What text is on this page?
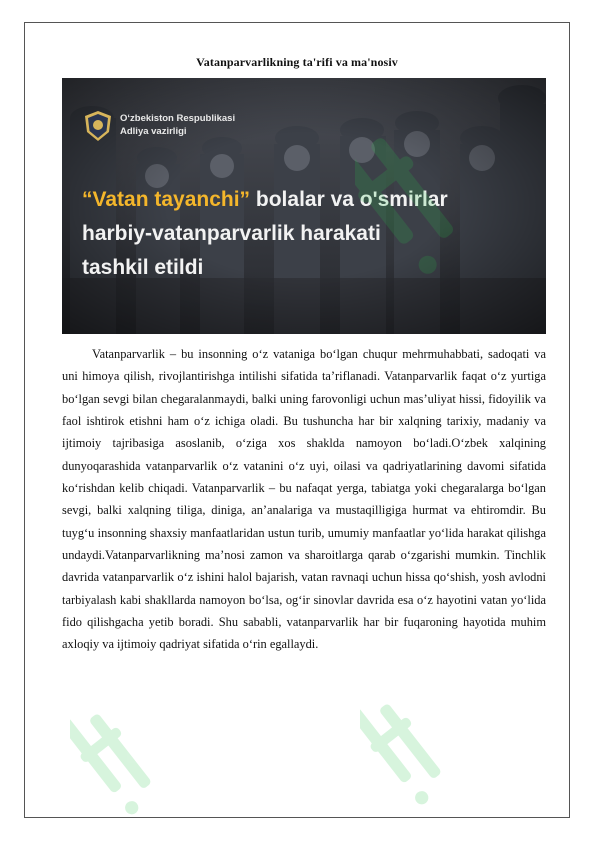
Vatanparvarlikning ta'rifi va ma'nosiv
O‘zbekiston Respublikasi
Adliya vazirligi
“Vatan tayanchi” bolalar va o'smirlar
harbiy-vatanparvarlik harakati
tashkil etildi
Vatanparvarlik – bu insonning o‘z vataniga bo‘lgan chuqur mehrmuhabbati, sadoqati va uni himoya qilish, rivojlantirishga intilishi sifatida ta’riflanadi. Vatanparvarlik faqat o‘z yurtiga bo‘lgan sevgi bilan chegaralanmaydi, balki uning farovonligi uchun mas’uliyat hissi, fidoyilik va faol ishtirok etishni ham o‘z ichiga oladi. Bu tushuncha har bir xalqning tarixiy, madaniy va ijtimoiy tajribasiga asoslanib, o‘ziga xos shaklda namoyon bo‘ladi.O‘zbek xalqining dunyoqarashida vatanparvarlik o‘z vatanini o‘z uyi, oilasi va qadriyatlarining davomi sifatida ko‘rishdan kelib chiqadi. Vatanparvarlik – bu nafaqat yerga, tabiatga yoki chegaralarga bo‘lgan sevgi, balki xalqning tiliga, diniga, an’analariga va mustaqilligiga hurmat va ehtiromdir. Bu tuyg‘u insonning shaxsiy manfaatlaridan ustun turib, umumiy manfaatlar yo‘lida harakat qilishga undaydi.Vatanparvarlikning ma’nosi zamon va sharoitlarga qarab o‘zgarishi mumkin. Tinchlik davrida vatanparvarlik o‘z ishini halol bajarish, vatan ravnaqi uchun hissa qo‘shish, yosh avlodni tarbiyalash kabi shakllarda namoyon bo‘lsa, og‘ir sinovlar davrida esa o‘z hayotini vatan yo‘lida fido qilishgacha yetib boradi. Shu sababli, vatanparvarlik har bir fuqaroning hayotida muhim axloqiy va ijtimoiy qadriyat sifatida o‘rin egallaydi.
